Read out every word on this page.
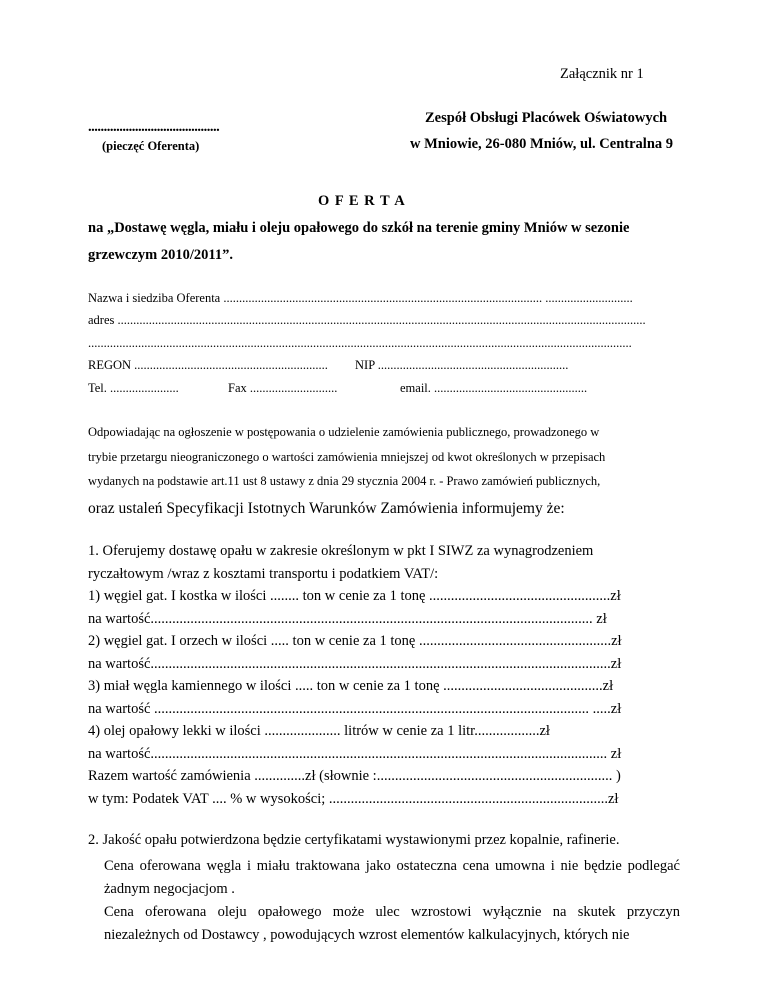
Załącznik nr 1
Zespół Obsługi Placówek Oświatowych
..........................................
(pieczęć Oferenta)	w Mniowie, 26-080 Mniów, ul. Centralna 9
O F E R T A
na „Dostawę węgla, miału i oleju opałowego do szkół na terenie gminy Mniów w sezonie
grzewczym 2010/2011”.
Nazwa i siedziba Oferenta ...................................................................................................... ............................
adres .........................................................................................................................................................................
..............................................................................................................................................................................
REGON .............................................................. NIP .............................................................
Tel. ......................	Fax ............................	email. .................................................
Odpowiadając na ogłoszenie w postępowania o udzielenie zamówienia publicznego, prowadzonego w
trybie przetargu nieograniczonego o wartości zamówienia mniejszej od kwot określonych w przepisach
wydanych na podstawie art.11 ust 8 ustawy z dnia 29 stycznia 2004 r. - Prawo zamówień publicznych,
oraz ustaleń Specyfikacji Istotnych Warunków Zamówienia informujemy że:
1. Oferujemy dostawę opału w zakresie określonym w pkt I SIWZ za wynagrodzeniem
ryczałtowym /wraz z kosztami transportu i podatkiem VAT/:
1) węgiel gat. I kostka w ilości ........ ton w cenie za 1 tonę ..................................................zł
na wartość.......................................................................................................................... zł
2) węgiel gat. I orzech w ilości ..... ton w cenie za 1 tonę .....................................................zł
na wartość...............................................................................................................................zł
3) miał węgla kamiennego w ilości ..... ton w cenie za 1 tonę ............................................zł
na wartość ........................................................................................................................ .....zł
4) olej opałowy lekki w ilości ..................... litrów w cenie za 1 litr..................zł
na wartość.............................................................................................................................. zł
Razem wartość zamówienia ..............zł (słownie :................................................................. )
w tym: Podatek VAT .... % w wysokości; .............................................................................zł
2. Jakość opału potwierdzona będzie certyfikatami wystawionymi przez kopalnie, rafinerie.
Cena oferowana węgla i miału traktowana jako ostateczna cena umowna i nie będzie podlegać żadnym negocjacjom .
Cena oferowana oleju opałowego może ulec wzrostowi wyłącznie na skutek przyczyn niezależnych od Dostawcy , powodujących wzrost elementów kalkulacyjnych, których nie
